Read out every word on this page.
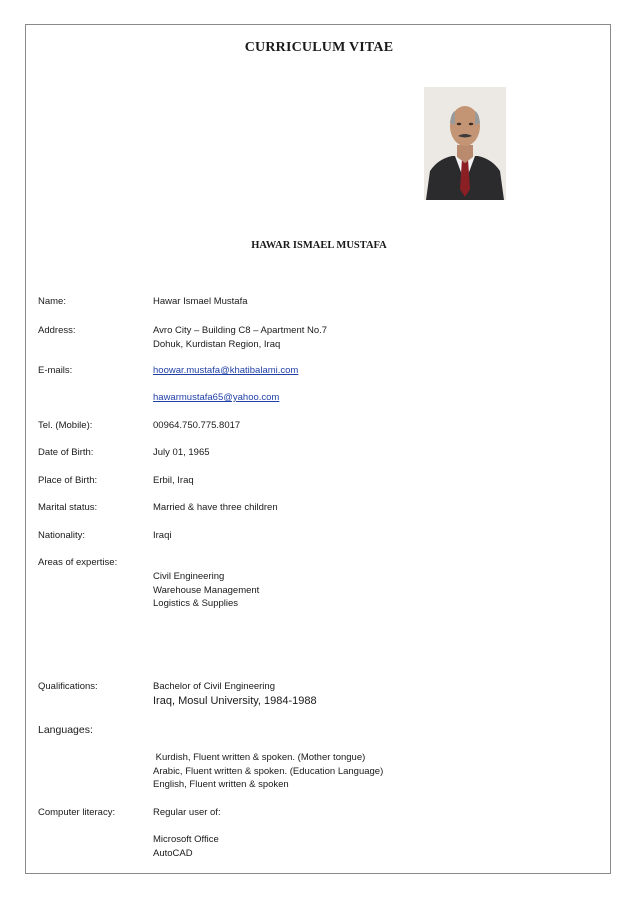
CURRICULUM VITAE
HAWAR ISMAEL MUSTAFA
Name:	Hawar Ismael Mustafa
Address:	Avro City – Building C8 – Apartment No.7
Dohuk, Kurdistan Region, Iraq
E-mails:	hoowar.mustafa@khatibalami.com
hawarmustafa65@yahoo.com
Tel. (Mobile):	00964.750.775.8017
Date of Birth:	July 01, 1965
Place of Birth:	Erbil, Iraq
Marital status:	Married & have three children
Nationality:	Iraqi
Areas of expertise:
Civil Engineering
Warehouse Management
Logistics & Supplies
Qualifications:	Bachelor of Civil Engineering
Iraq, Mosul University, 1984-1988
Languages:
Kurdish, Fluent written & spoken. (Mother tongue)
Arabic, Fluent written & spoken. (Education Language)
English, Fluent written & spoken
Computer literacy:	Regular user of:
Microsoft Office
AutoCAD
